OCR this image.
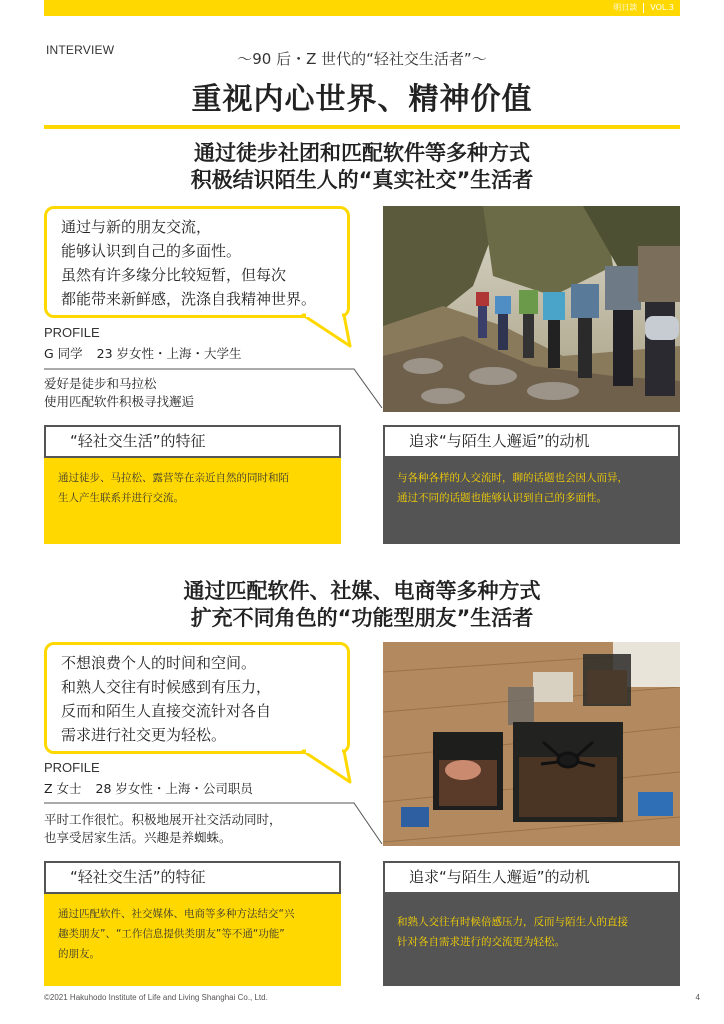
明日談 VOL.3
INTERVIEW	～90 后・Z 世代的“轻社交生活者”～
重视内心世界、精神价值
通过徒步社团和匹配软件等多种方式
积极结识陌生人的“真实社交”生活者
通过与新的朋友交流，
能够认识到自己的多面性。
虽然有许多缘分比较短暂，但每次
都能带来新鲜感，洗涤自我精神世界。
PROFILE
G 同学 23 岁女性・上海・大学生
爱好是徒步和马拉松
使用匹配软件积极寻找邂逅
“轻社交生活”的特征
通过徒步、马拉松、露营等在亲近自然的同时和陌
生人产生联系并进行交流。
追求“与陌生人邂逅”的动机
与各种各样的人交流时，聊的话题也会因人而异，
通过不同的话题也能够认识到自己的多面性。
通过匹配软件、社媒、电商等多种方式
扩充不同角色的“功能型朋友”生活者
不想浪费个人的时间和空间。
和熟人交往有时候感到有压力，
反而和陌生人直接交流针对各自
需求进行社交更为轻松。
PROFILE
Z 女士 28 岁女性・上海・公司职员
平时工作很忙。积极地展开社交活动同时，
也享受居家生活。兴趣是养蜘蛛。
“轻社交生活”的特征
通过匹配软件、社交媒体、电商等多种方法结交“兴
趣类朋友”、“工作信息提供类朋友”等不通“功能”
的朋友。
追求“与陌生人邂逅”的动机
和熟人交往有时候倍感压力，反而与陌生人的直接
针对各自需求进行的交流更为轻松。
©2021 Hakuhodo Institute of Life and Living Shanghai Co., Ltd.	4
